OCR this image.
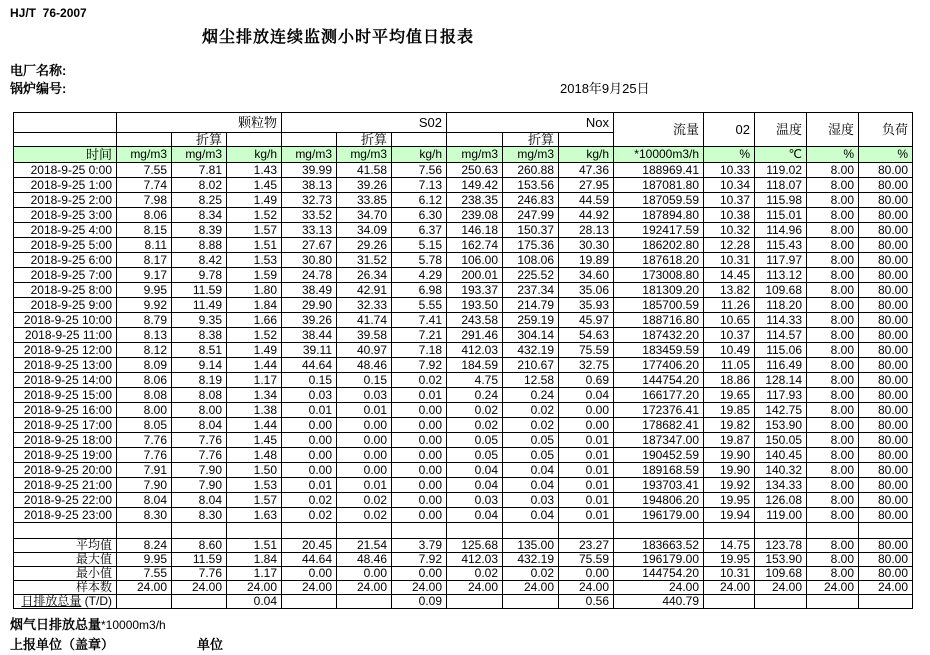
HJ/T  76-2007
烟尘排放连续监测小时平均值日报表
电厂名称:
锅炉编号:	2018年9月25日
	颗粒物			S02			Nox			流量	02	温度	湿度	负荷
		折算			折算			折算						
时间	mg/m3	mg/m3	kg/h	mg/m3	mg/m3	kg/h	mg/m3	mg/m3	kg/h	*10000m3/h	%	℃	%	%
2018-9-25 0:00	7.55	7.81	1.43	39.99	41.58	7.56	250.63	260.88	47.36	188969.41	10.33	119.02	8.00	80.00
2018-9-25 1:00	7.74	8.02	1.45	38.13	39.26	7.13	149.42	153.56	27.95	187081.80	10.34	118.07	8.00	80.00
2018-9-25 2:00	7.98	8.25	1.49	32.73	33.85	6.12	238.35	246.83	44.59	187059.59	10.37	115.98	8.00	80.00
2018-9-25 3:00	8.06	8.34	1.52	33.52	34.70	6.30	239.08	247.99	44.92	187894.80	10.38	115.01	8.00	80.00
2018-9-25 4:00	8.15	8.39	1.57	33.13	34.09	6.37	146.18	150.37	28.13	192417.59	10.32	114.96	8.00	80.00
2018-9-25 5:00	8.11	8.88	1.51	27.67	29.26	5.15	162.74	175.36	30.30	186202.80	12.28	115.43	8.00	80.00
2018-9-25 6:00	8.17	8.42	1.53	30.80	31.52	5.78	106.00	108.06	19.89	187618.20	10.31	117.97	8.00	80.00
2018-9-25 7:00	9.17	9.78	1.59	24.78	26.34	4.29	200.01	225.52	34.60	173008.80	14.45	113.12	8.00	80.00
2018-9-25 8:00	9.95	11.59	1.80	38.49	42.91	6.98	193.37	237.34	35.06	181309.20	13.82	109.68	8.00	80.00
2018-9-25 9:00	9.92	11.49	1.84	29.90	32.33	5.55	193.50	214.79	35.93	185700.59	11.26	118.20	8.00	80.00
2018-9-25 10:00	8.79	9.35	1.66	39.26	41.74	7.41	243.58	259.19	45.97	188716.80	10.65	114.33	8.00	80.00
2018-9-25 11:00	8.13	8.38	1.52	38.44	39.58	7.21	291.46	304.14	54.63	187432.20	10.37	114.57	8.00	80.00
2018-9-25 12:00	8.12	8.51	1.49	39.11	40.97	7.18	412.03	432.19	75.59	183459.59	10.49	115.06	8.00	80.00
2018-9-25 13:00	8.09	9.14	1.44	44.64	48.46	7.92	184.59	210.67	32.75	177406.20	11.05	116.49	8.00	80.00
2018-9-25 14:00	8.06	8.19	1.17	0.15	0.15	0.02	4.75	12.58	0.69	144754.20	18.86	128.14	8.00	80.00
2018-9-25 15:00	8.08	8.08	1.34	0.03	0.03	0.01	0.24	0.24	0.04	166177.20	19.65	117.93	8.00	80.00
2018-9-25 16:00	8.00	8.00	1.38	0.01	0.01	0.00	0.02	0.02	0.00	172376.41	19.85	142.75	8.00	80.00
2018-9-25 17:00	8.05	8.04	1.44	0.00	0.00	0.00	0.02	0.02	0.00	178682.41	19.82	153.90	8.00	80.00
2018-9-25 18:00	7.76	7.76	1.45	0.00	0.00	0.00	0.05	0.05	0.01	187347.00	19.87	150.05	8.00	80.00
2018-9-25 19:00	7.76	7.76	1.48	0.00	0.00	0.00	0.05	0.05	0.01	190452.59	19.90	140.45	8.00	80.00
2018-9-25 20:00	7.91	7.90	1.50	0.00	0.00	0.00	0.04	0.04	0.01	189168.59	19.90	140.32	8.00	80.00
2018-9-25 21:00	7.90	7.90	1.53	0.01	0.01	0.00	0.04	0.04	0.01	193703.41	19.92	134.33	8.00	80.00
2018-9-25 22:00	8.04	8.04	1.57	0.02	0.02	0.00	0.03	0.03	0.01	194806.20	19.95	126.08	8.00	80.00
2018-9-25 23:00	8.30	8.30	1.63	0.02	0.02	0.00	0.04	0.04	0.01	196179.00	19.94	119.00	8.00	80.00

平均值	8.24	8.60	1.51	20.45	21.54	3.79	125.68	135.00	23.27	183663.52	14.75	123.78	8.00	80.00
最大值	9.95	11.59	1.84	44.64	48.46	7.92	412.03	432.19	75.59	196179.00	19.95	153.90	8.00	80.00
最小值	7.55	7.76	1.17	0.00	0.00	0.00	0.02	0.02	0.00	144754.20	10.31	109.68	8.00	80.00
样本数	24.00	24.00	24.00	24.00	24.00	24.00	24.00	24.00	24.00	24.00	24.00	24.00	24.00	24.00
日排放总量 (T/D)			0.04			0.09			0.56	440.79				
烟气日排放总量*10000m3/h
上报单位（盖章）	单位
